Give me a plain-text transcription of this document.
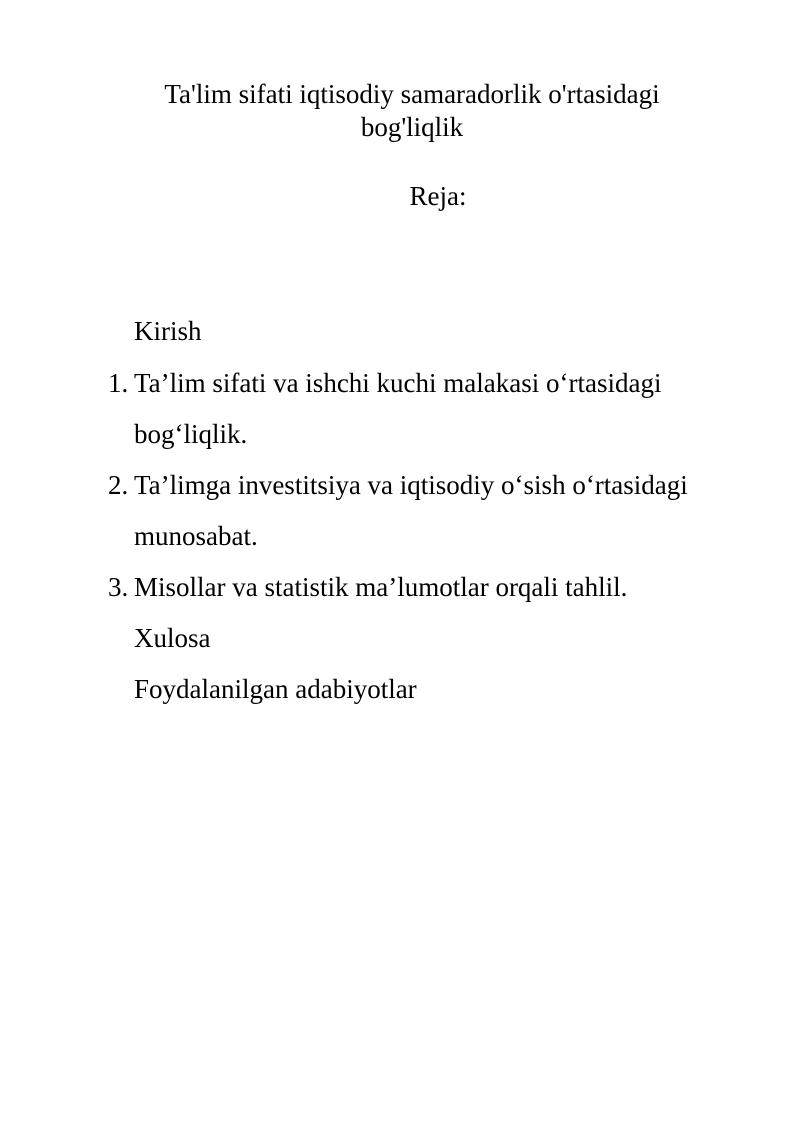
Ta'lim sifati iqtisodiy samaradorlik o'rtasidagi bog'liqlik
Reja:
Kirish
1. Ta’lim sifati va ishchi kuchi malakasi o‘rtasidagi
bog‘liqlik.
2. Ta’limga investitsiya va iqtisodiy o‘sish o‘rtasidagi
munosabat.
3. Misollar va statistik ma’lumotlar orqali tahlil.
Xulosa
Foydalanilgan adabiyotlar
